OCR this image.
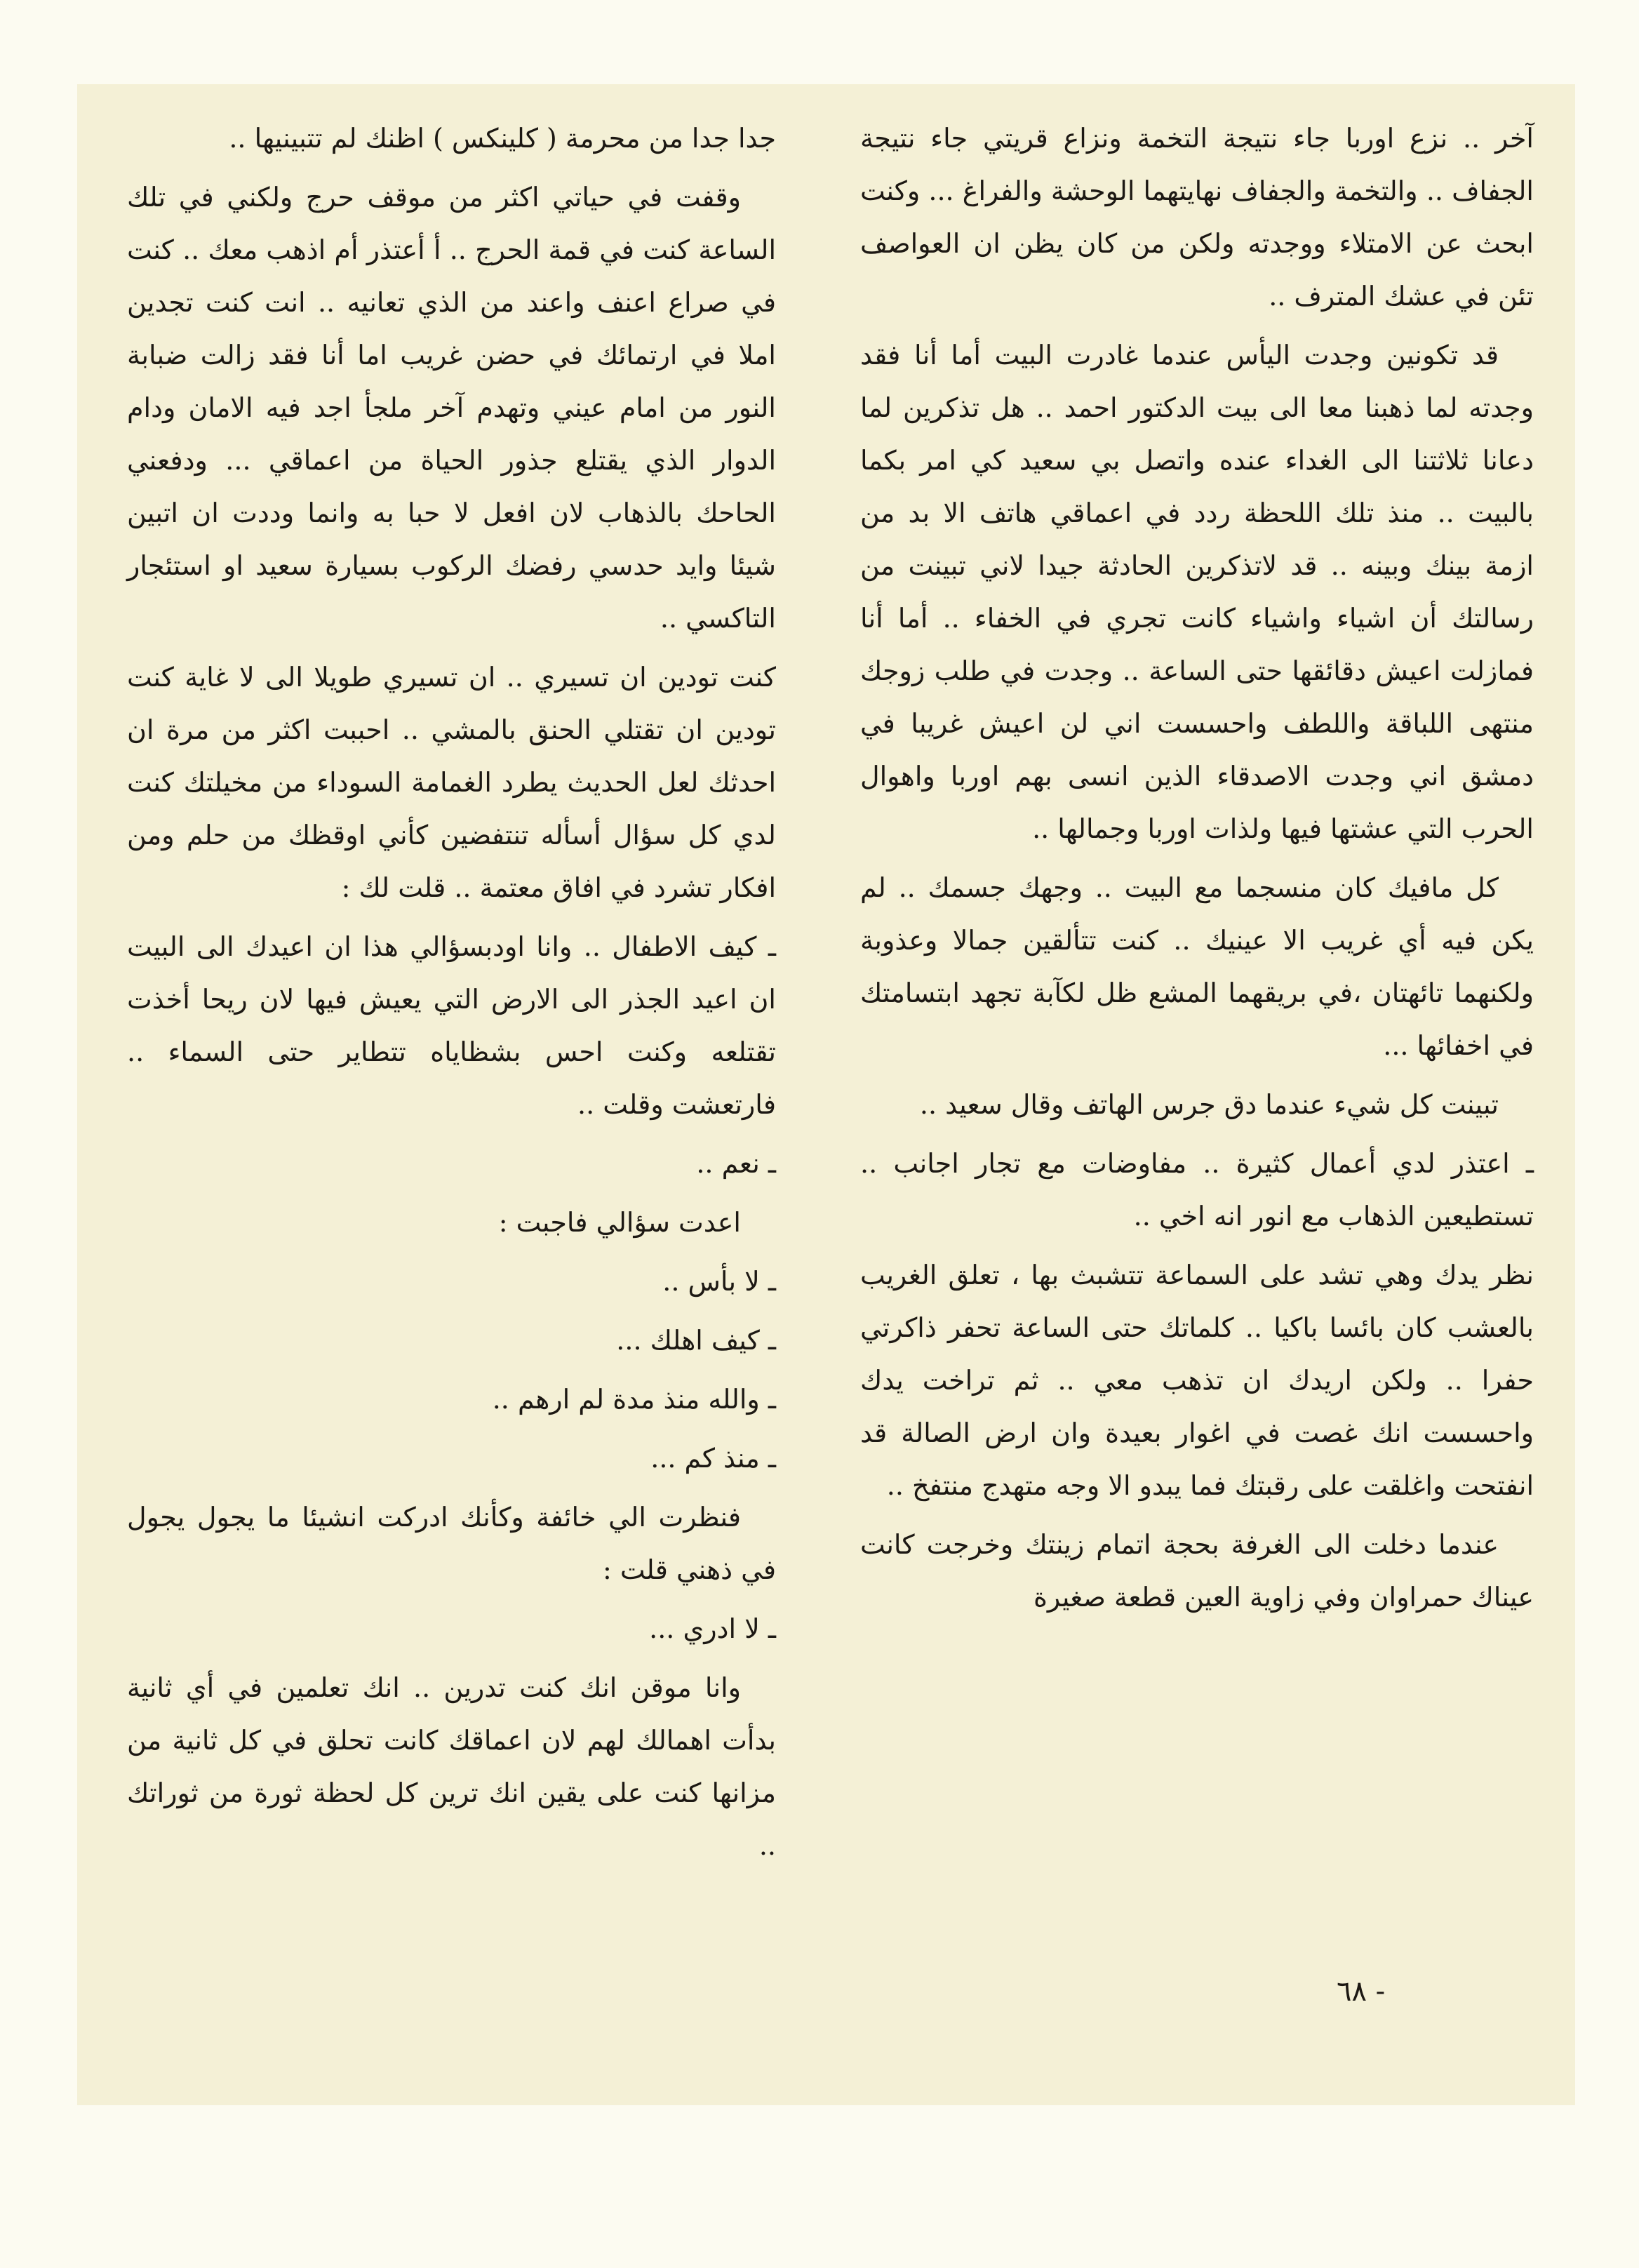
آخر .. نزع اوربا جاء نتيجة التخمة ونزاع قريتي جاء نتيجة الجفاف .. والتخمة والجفاف نهايتهما الوحشة والفراغ ... وكنت ابحث عن الامتلاء ووجدته ولكن من كان يظن ان العواصف تئن في عشك المترف ..

قد تكونين وجدت اليأس عندما غادرت البيت أما أنا فقد وجدته لما ذهبنا معا الى بيت الدكتور احمد .. هل تذكرين لما دعانا ثلاثتنا الى الغداء عنده واتصل بي سعيد كي امر بكما بالبيت .. منذ تلك اللحظة ردد في اعماقي هاتف الا بد من ازمة بينك وبينه .. قد لاتذكرين الحادثة جيدا لاني تبينت من رسالتك أن اشياء واشياء كانت تجري في الخفاء .. أما أنا فمازلت اعيش دقائقها حتى الساعة .. وجدت في طلب زوجك منتهى اللباقة واللطف واحسست اني لن اعيش غريبا في دمشق اني وجدت الاصدقاء الذين انسى بهم اوربا واهوال الحرب التي عشتها فيها ولذات اوربا وجمالها ..

كل مافيك كان منسجما مع البيت .. وجهك جسمك .. لم يكن فيه أي غريب الا عينيك .. كنت تتألقين جمالا وعذوبة ولكنهما تائهتان ،في بريقهما المشع ظل لكآبة تجهد ابتسامتك في اخفائها ...

تبينت كل شيء عندما دق جرس الهاتف وقال سعيد ..

ـ اعتذر لدي أعمال كثيرة .. مفاوضات مع تجار اجانب .. تستطيعين الذهاب مع انور انه اخي ..

نظر يدك وهي تشد على السماعة تتشبث بها ، تعلق الغريب بالعشب كان بائسا باكيا .. كلماتك حتى الساعة تحفر ذاكرتي حفرا .. ولكن اريدك ان تذهب معي .. ثم تراخت يدك واحسست انك غصت في اغوار بعيدة وان ارض الصالة قد انفتحت واغلقت على رقبتك فما يبدو الا وجه متهدج منتفخ ..

عندما دخلت الى الغرفة بحجة اتمام زينتك وخرجت كانت عيناك حمراوان وفي زاوية العين قطعة صغيرة

جدا جدا من محرمة ( كلينكس ) اظنك لم تتبينيها ..

وقفت في حياتي اكثر من موقف حرج ولكني في تلك الساعة كنت في قمة الحرج .. أ أعتذر أم اذهب معك .. كنت في صراع اعنف واعند من الذي تعانيه .. انت كنت تجدين املا في ارتمائك في حضن غريب اما أنا فقد زالت ضبابة النور من امام عيني وتهدم آخر ملجأ اجد فيه الامان ودام الدوار الذي يقتلع جذور الحياة من اعماقي ... ودفعني الحاحك بالذهاب لان افعل لا حبا به وانما وددت ان اتبين شيئا وايد حدسي رفضك الركوب بسيارة سعيد او استئجار التاكسي ..

كنت تودين ان تسيري .. ان تسيري طويلا الى لا غاية كنت تودين ان تقتلي الحنق بالمشي .. احببت اكثر من مرة ان احدثك لعل الحديث يطرد الغمامة السوداء من مخيلتك كنت لدي كل سؤال أسأله تنتفضين كأني اوقظك من حلم ومن افكار تشرد في افاق معتمة .. قلت لك :

ـ كيف الاطفال .. وانا اودبسؤالي هذا ان اعيدك الى البيت ان اعيد الجذر الى الارض التي يعيش فيها لان ريحا أخذت تقتلعه وكنت احس بشظاياه تتطاير حتى السماء .. فارتعشت وقلت ..

ـ نعم ..

اعدت سؤالي فاجبت :

ـ لا بأس ..

ـ كيف اهلك ...

ـ والله منذ مدة لم ارهم ..

ـ منذ كم ...

فنظرت الي خائفة وكأنك ادركت انشيئا ما يجول يجول في ذهني قلت :

ـ لا ادري ...

وانا موقن انك كنت تدرين .. انك تعلمين في أي ثانية بدأت اهمالك لهم لان اعماقك كانت تحلق في كل ثانية من مزانها كنت على يقين انك ترين كل لحظة ثورة من ثوراتك ..

- ٦٨
